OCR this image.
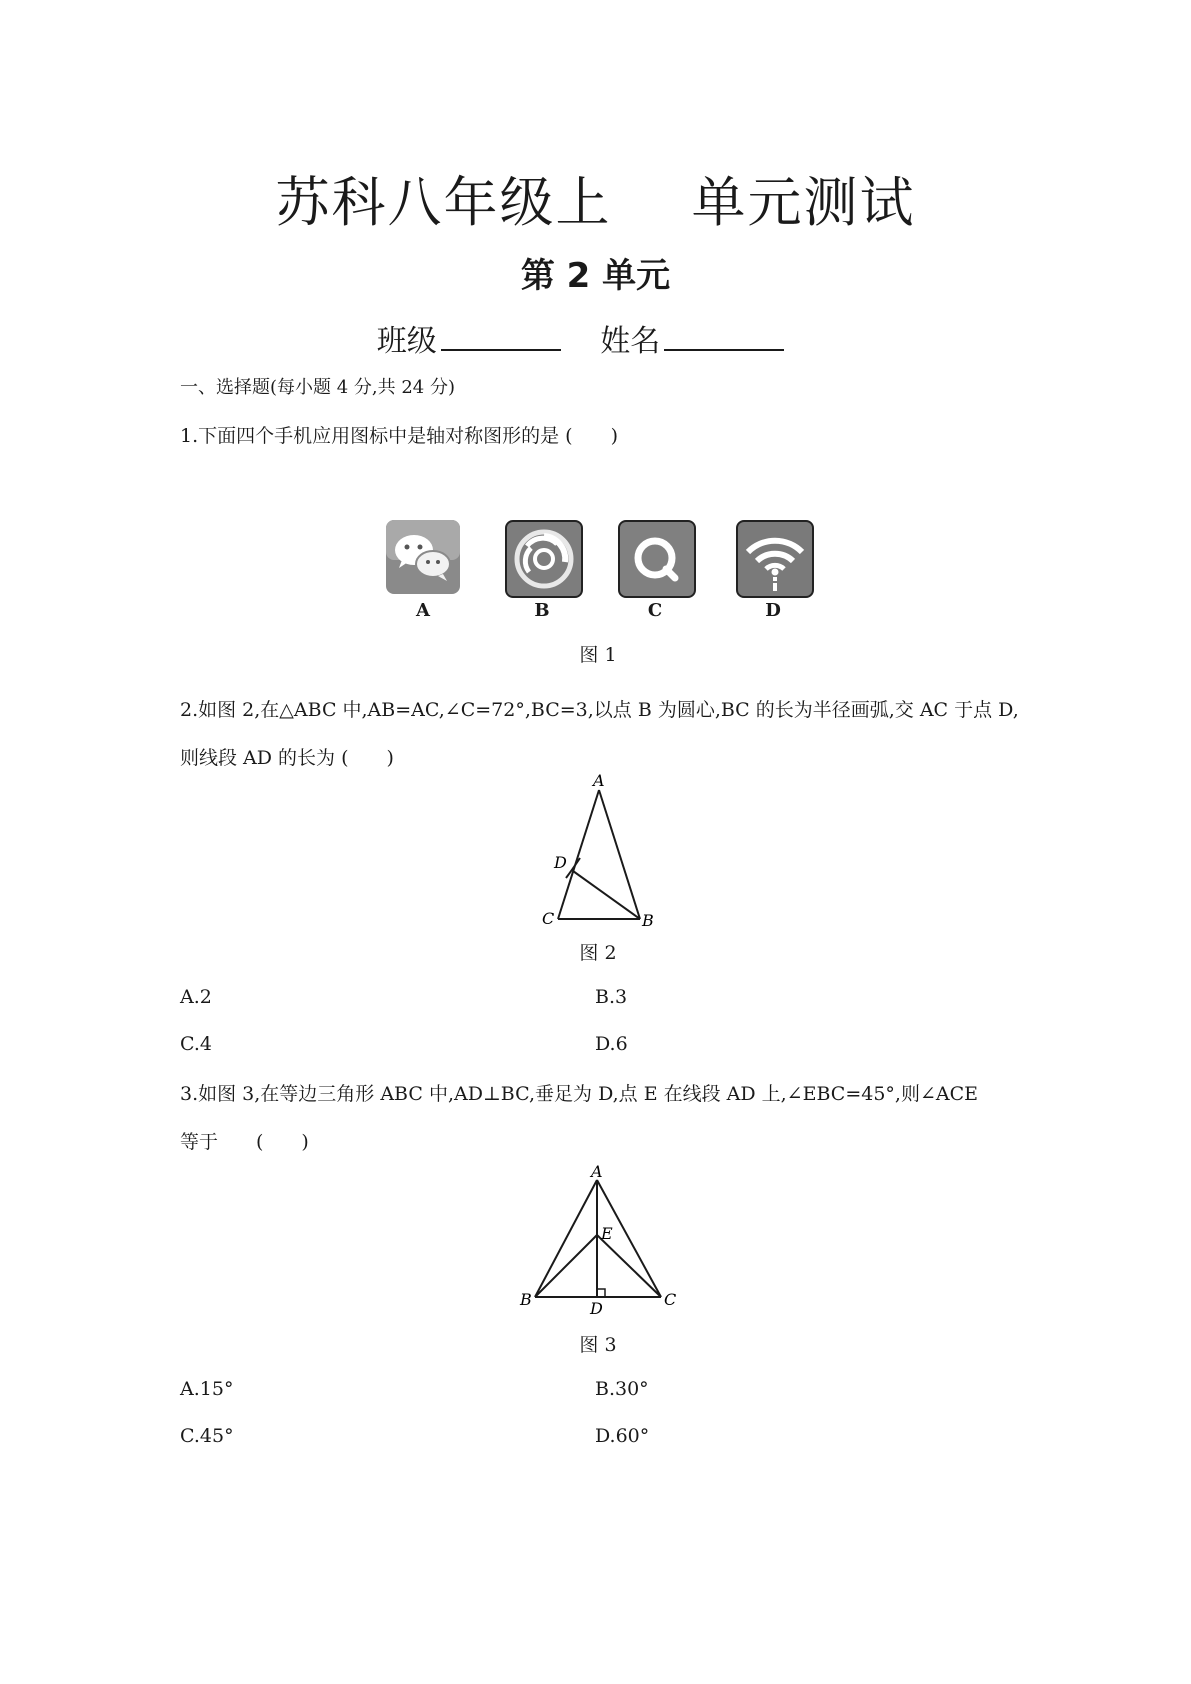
苏科八年级上 单元测试
第 2 单元
班级	姓名
一、选择题(每小题 4 分,共 24 分)
1.下面四个手机应用图标中是轴对称图形的是 (　　)
A	B	C	D
图 1
2.如图 2,在△ABC 中,AB=AC,∠C=72°,BC=3,以点 B 为圆心,BC 的长为半径画弧,交 AC 于点 D,
则线段 AD 的长为 (　　)
A
D
C	B
图 2
A.2	B.3
C.4	D.6
3.如图 3,在等边三角形 ABC 中,AD⊥BC,垂足为 D,点 E 在线段 AD 上,∠EBC=45°,则∠ACE
等于　　(　　)
A
E
B	C
D
图 3
A.15°	B.30°
C.45°	D.60°
